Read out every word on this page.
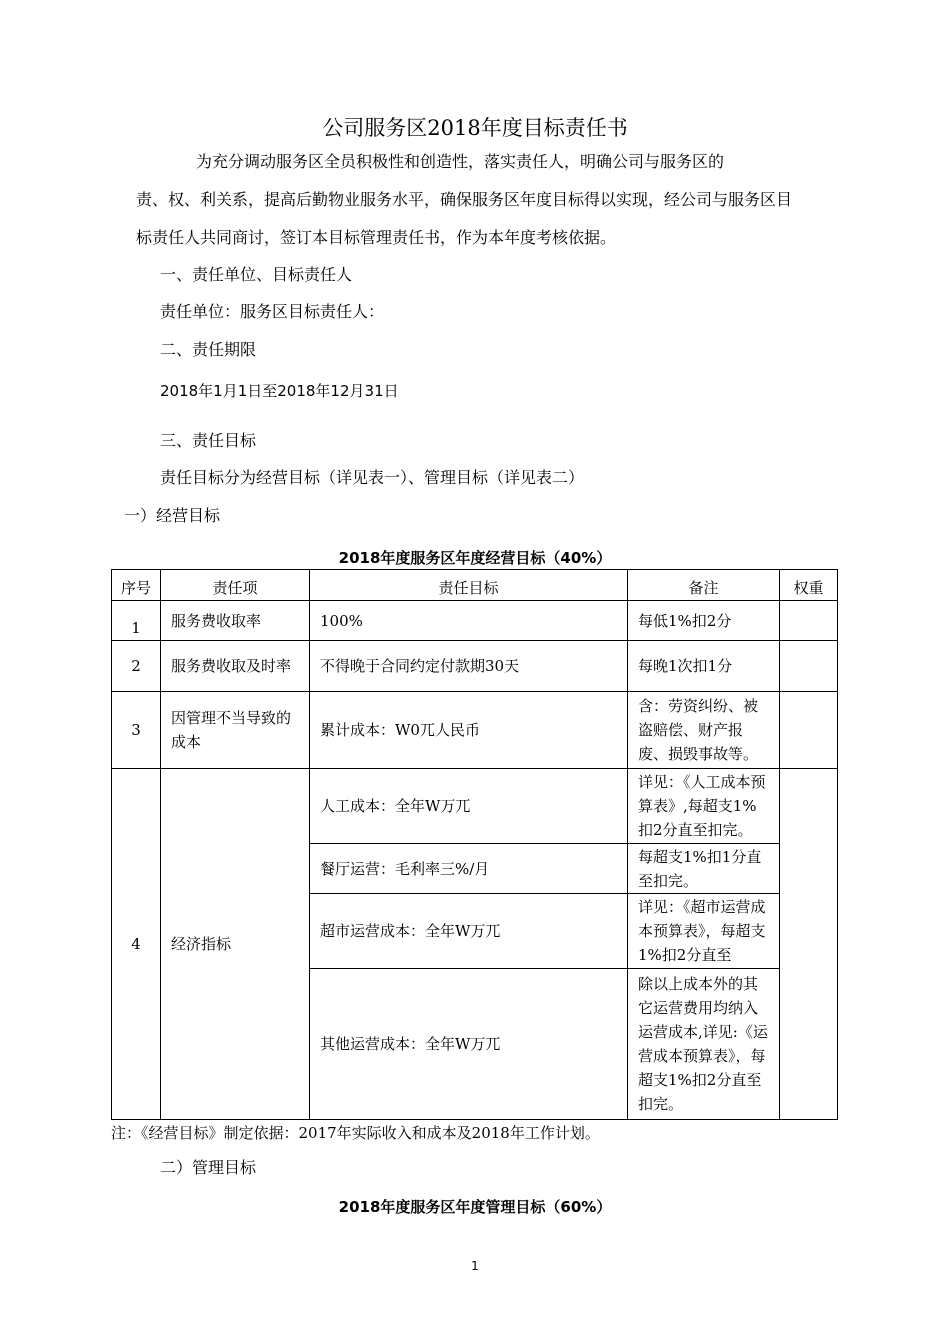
公司服务区2018年度目标责任书
为充分调动服务区全员积极性和创造性，落实责任人，明确公司与服务区的
责、权、利关系，提高后勤物业服务水平，确保服务区年度目标得以实现，经公司与服务区目
标责任人共同商讨，签订本目标管理责任书，作为本年度考核依据。
一、责任单位、目标责任人
责任单位：服务区目标责任人：
二、责任期限
2018年1月1日至2018年12月31日
三、责任目标
责任目标分为经营目标（详见表一）、管理目标（详见表二）
一）经营目标
2018年度服务区年度经营目标（40%）
序号	责任项	责任目标	备注	权重
1	服务费收取率	100%	每低1%扣2分	
2	服务费收取及时率	不得晚于合同约定付款期30天	每晚1次扣1分	
3	因管理不当导致的成本	累计成本：W0兀人民币	含：劳资纠纷、被盗赔偿、财产报废、损毁事故等。	
4	经济指标	人工成本：全年W万兀	详见：《人工成本预算表》,每超支1%扣2分直至扣完。	
		餐厅运营：毛利率三%/月	每超支1%扣1分直至扣完。	
		超市运营成本：全年W万兀	详见：《超市运营成本预算表》，每超支1%扣2分直至	
		其他运营成本：全年W万兀	除以上成本外的其它运营费用均纳入运营成本,详见:《运营成本预算表》，每超支1%扣2分直至扣完。	
注：《经营目标》制定依据：2017年实际收入和成本及2018年工作计划。
二）管理目标
2018年度服务区年度管理目标（60%）
1
